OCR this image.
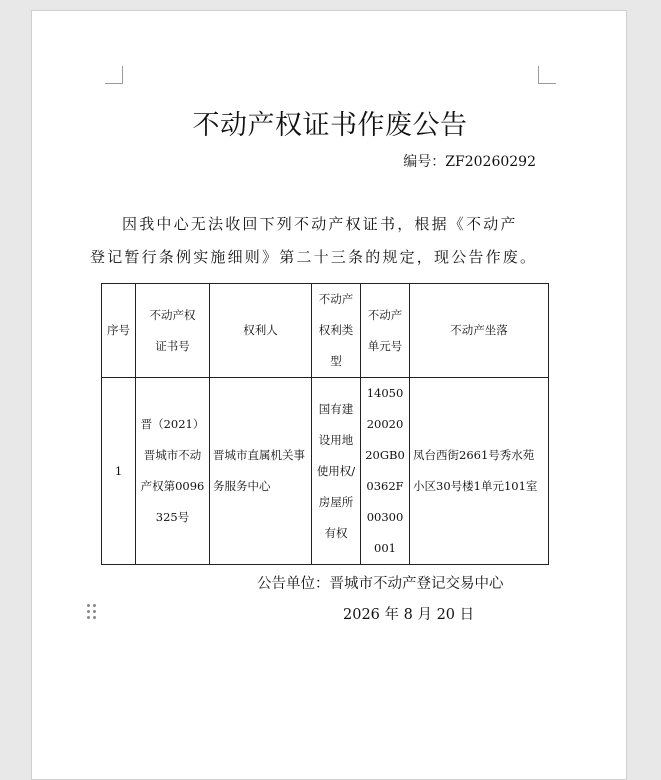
不动产权证书作废公告
编号：ZF20260292
因我中心无法收回下列不动产权证书，根据《不动产
登记暂行条例实施细则》第二十三条的规定，现公告作废。
序号	不动产权证书号	权利人	不动产权利类型	不动产单元号	不动产坐落
1	晋（2021）晋城市不动产权第0096325号	晋城市直属机关事务服务中心	国有建设用地使用权/房屋所有权	140502002020GB00362F00300001	凤台西街2661号秀水苑小区30号楼1单元101室
公告单位：晋城市不动产登记交易中心
2026 年 8 月 20 日
